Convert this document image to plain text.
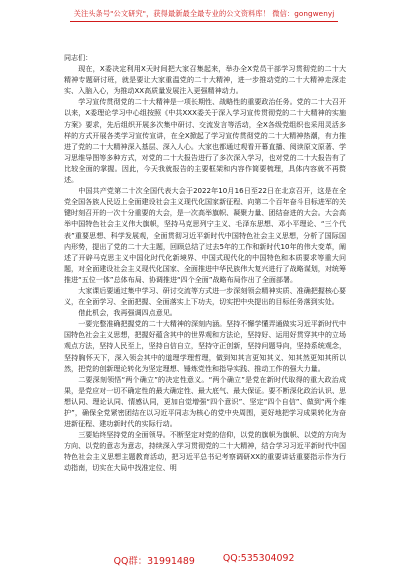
关注头条号"公文研究"，获得最新最全最专业的公文资料库！ 微信：gongwenyj

同志们：

现在，X委决定利用X天时间把大家召集起来，举办全X党员干部学习贯彻党的二十大精神专题研讨班，就是要让大家重温党的二十大精神，进一步推动党的二十大精神走深走实、入脑入心，为推动XX高质量发展注入更强精神动力。

学习宣传贯彻党的二十大精神是一项长期性、战略性的重要政治任务。党的二十大召开以来，X委理论学习中心组按照《中共XXX委关于深入学习宣传贯彻党的二十大精神的实施方案》要求，先后组织开展多次集中研讨、交流发言等活动，全X各级党组织也采用灵活多样的方式开展各类学习宣传宣讲，在全X掀起了学习宣传贯彻党的二十大精神热潮，有力推进了党的二十大精神深入基层、深入人心。大家也都通过观看开幕直播、阅读原文原著、学习思维导图等多种方式，对党的二十大报告进行了多次深入学习，也对党的二十大报告有了比较全面的掌握。因此，今天我就报告的主要框架和内容作简要梳理，具体内容就不再赘述。

中国共产党第二十次全国代表大会于2022年10月16日至22日在北京召开，这是在全党全国各族人民迈上全面建设社会主义现代化国家新征程、向第二个百年奋斗目标进军的关键时刻召开的一次十分重要的大会，是一次高举旗帜、凝聚力量、团结奋进的大会。大会高举中国特色社会主义伟大旗帜，坚持马克思列宁主义、毛泽东思想、邓小平理论、“三个代表”重要思想、科学发展观，全面贯彻习近平新时代中国特色社会主义思想，分析了国际国内形势，提出了党的二十大主题，回顾总结了过去5年的工作和新时代10年的伟大变革，阐述了开辟马克思主义中国化时代化新境界、中国式现代化的中国特色和本质要求等重大问题，对全面建设社会主义现代化国家、全面推进中华民族伟大复兴进行了战略谋划，对统筹推进“五位一体”总体布局、协调推进“四个全面”战略布局作出了全面部署。

大家课后要通过集中学习、研讨交流等方式进一步深刻领会精神实质、准确把握核心要义，在全面学习、全面把握、全面落实上下功夫，切实把中央提出的目标任务落到实处。

借此机会，我再强调四点意见。

一要完整准确把握党的二十大精神的深刻内涵。坚持不懈学懂弄通做实习近平新时代中国特色社会主义思想，把握好蕴含其中的世界观和方法论，坚持好、运用好贯穿其中的立场观点方法，坚持人民至上，坚持自信自立，坚持守正创新，坚持问题导向，坚持系统观念，坚持胸怀天下，深入领会其中的道理学理哲理，做到知其言更知其义、知其然更知其所以然，把党的创新理论转化为坚定理想、锤炼党性和指导实践、推动工作的强大力量。

二要深刻领悟“两个确立”的决定性意义。“两个确立”是党在新时代取得的重大政治成果，是党应对一切不确定性的最大确定性、最大底气、最大保证。要不断深化政治认识、思想认同、理论认同、情感认同，更加自觉增强“四个意识”、坚定“四个自信”、做到“两个维护”，确保全党紧密团结在以习近平同志为核心的党中央周围，更好地把学习成果转化为奋进新征程、建功新时代的实际行动。

三要始终坚持党的全面领导。不断坚定对党的信仰，以党的旗帜为旗帜、以党的方向为方向、以党的意志为意志，持续深入学习贯彻党的二十大精神，结合学习习近平新时代中国特色社会主义思想主题教育活动，把习近平总书记考察调研XX的重要讲话重要指示作为行动指南，切实在大局中找准定位、明

QQ群：31991489	QQ:535304092
